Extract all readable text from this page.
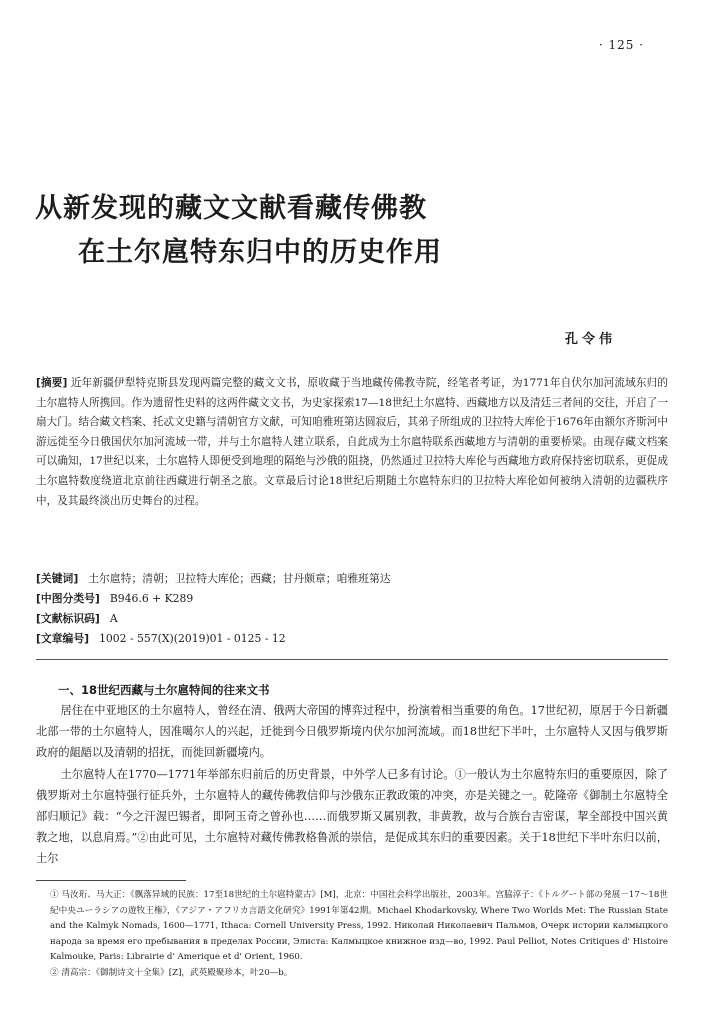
· 125 ·
从新发现的藏文文献看藏传佛教
在土尔扈特东归中的历史作用
孔令伟
[摘要] 近年新疆伊犁特克斯县发现两篇完整的藏文文书，原收藏于当地藏传佛教寺院，经笔者考证，为1771年自伏尔加河流域东归的土尔扈特人所携回。作为遗留性史料的这两件藏文文书，为史家探索17—18世纪土尔扈特、西藏地方以及清廷三者间的交往，开启了一扇大门。结合藏文档案、托忒文史籍与清朝官方文献，可知咱雅班第达圆寂后，其弟子所组成的卫拉特大库伦于1676年由额尔齐斯河中游远徙至今日俄国伏尔加河流域一带，并与土尔扈特人建立联系，自此成为土尔扈特联系西藏地方与清朝的重要桥梁。由现存藏文档案可以确知，17世纪以来，土尔扈特人即便受到地理的隔绝与沙俄的阻挠，仍然通过卫拉特大库伦与西藏地方政府保持密切联系，更促成土尔扈特数度绕道北京前往西藏进行朝圣之旅。文章最后讨论18世纪后期随土尔扈特东归的卫拉特大库伦如何被纳入清朝的边疆秩序中，及其最终淡出历史舞台的过程。
[关键词] 土尔扈特；清朝；卫拉特大库伦；西藏；甘丹颇章；咱雅班第达
[中图分类号] B946.6 + K289
[文献标识码] A
[文章编号] 1002 - 557(X)(2019)01 - 0125 - 12
一、18世纪西藏与土尔扈特间的往来文书

居住在中亚地区的土尔扈特人，曾经在清、俄两大帝国的博弈过程中，扮演着相当重要的角色。17世纪初，原居于今日新疆北部一带的土尔扈特人，因准噶尔人的兴起，迁徙到今日俄罗斯境内伏尔加河流域。而18世纪下半叶，土尔扈特人又因与俄罗斯政府的龃龉以及清朝的招抚，而徙回新疆境内。

土尔扈特人在1770—1771年举部东归前后的历史背景，中外学人已多有讨论。①一般认为土尔扈特东归的重要原因，除了俄罗斯对土尔扈特强行征兵外，土尔扈特人的藏传佛教信仰与沙俄东正教政策的冲突，亦是关键之一。乾隆帝《御制土尔扈特全部归顺记》载：“今之汗渥巴锡者，即阿玉奇之曾孙也……而俄罗斯又属别教，非黄教，故与合族台吉密谋，挈全部投中国兴黄教之地，以息肩焉。”②由此可见，土尔扈特对藏传佛教格鲁派的崇信，是促成其东归的重要因素。关于18世纪下半叶东归以前，土尔

① 马汝珩、马大正：《飘落异域的民族：17至18世纪的土尔扈特蒙古》[M]，北京：中国社会科学出版社，2003年。宫脇淳子：《トルグート部の発展－17～18世紀中央ユーラシアの遊牧王権》，《アジア・アフリカ言語文化研究》1991年第42期。Michael Khodarkovsky, Where Two Worlds Met: The Russian State and the Kalmyk Nomads, 1600—1771, Ithaca: Cornell University Press, 1992. Николай Николаевич Пальмов, Очерк истории калмыцкого народа за время его пребывания в пределах России, Элиста: Калмыцкое книжное изд—во, 1992. Paul Pelliot, Notes Critiques d' Histoire Kalmouke, Paris: Librairie d' Amerique et d' Orient, 1960.

② 清高宗：《御制诗文十全集》[Z]，武英殿聚珍本，叶20—b。
